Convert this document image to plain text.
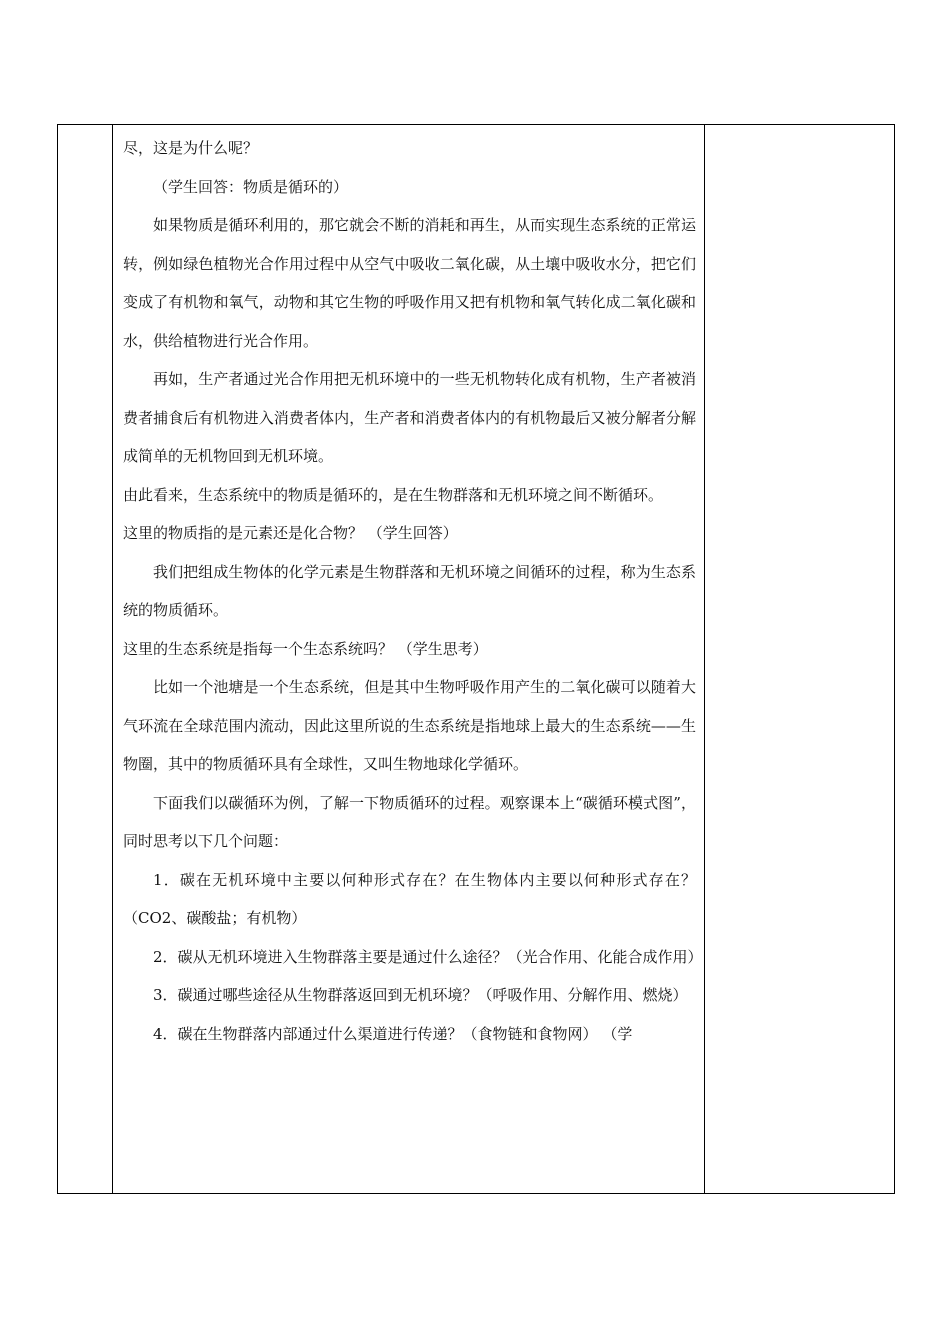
尽，这是为什么呢？

（学生回答：物质是循环的）

如果物质是循环利用的，那它就会不断的消耗和再生，从而实现生态系统的正常运转，例如绿色植物光合作用过程中从空气中吸收二氧化碳，从土壤中吸收水分，把它们变成了有机物和氧气，动物和其它生物的呼吸作用又把有机物和氧气转化成二氧化碳和水，供给植物进行光合作用。

再如，生产者通过光合作用把无机环境中的一些无机物转化成有机物，生产者被消费者捕食后有机物进入消费者体内，生产者和消费者体内的有机物最后又被分解者分解成简单的无机物回到无机环境。

由此看来，生态系统中的物质是循环的，是在生物群落和无机环境之间不断循环。

这里的物质指的是元素还是化合物？ （学生回答）

我们把组成生物体的化学元素是生物群落和无机环境之间循环的过程，称为生态系统的物质循环。

这里的生态系统是指每一个生态系统吗？ （学生思考）

比如一个池塘是一个生态系统，但是其中生物呼吸作用产生的二氧化碳可以随着大气环流在全球范围内流动，因此这里所说的生态系统是指地球上最大的生态系统——生物圈，其中的物质循环具有全球性，又叫生物地球化学循环。

下面我们以碳循环为例，了解一下物质循环的过程。观察课本上“碳循环模式图”，同时思考以下几个问题：

1．碳在无机环境中主要以何种形式存在？在生物体内主要以何种形式存在？（CO2、碳酸盐；有机物）

2．碳从无机环境进入生物群落主要是通过什么途径？（光合作用、化能合成作用）

3．碳通过哪些途径从生物群落返回到无机环境？（呼吸作用、分解作用、燃烧）

4．碳在生物群落内部通过什么渠道进行传递？（食物链和食物网） （学
